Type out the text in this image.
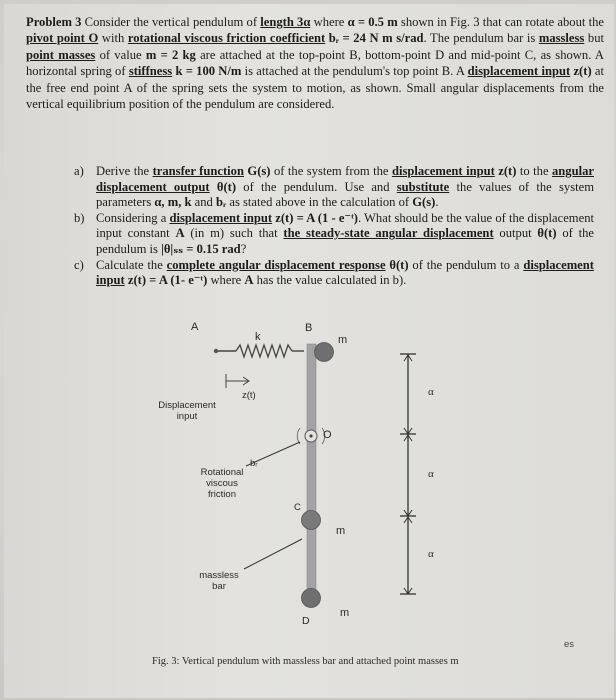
Problem 3 Consider the vertical pendulum of length 3α where α = 0.5 m shown in Fig. 3 that can rotate about the pivot point O with rotational viscous friction coefficient bᵣ = 24 N m s/rad. The pendulum bar is massless but point masses of value m = 2 kg are attached at the top-point B, bottom-point D and mid-point C, as shown. A horizontal spring of stiffness k = 100 N/m is attached at the pendulum's top point B. A displacement input z(t) at the free end point A of the spring sets the system to motion, as shown. Small angular displacements from the vertical equilibrium position of the pendulum are considered.
a) Derive the transfer function G(s) of the system from the displacement input z(t) to the angular displacement output θ(t) of the pendulum. Use and substitute the values of the system parameters α, m, k and bᵣ as stated above in the calculation of G(s).
b) Considering a displacement input z(t) = A (1 - e⁻ᵗ). What should be the value of the displacement input constant A (in m) such that the steady-state angular displacement output θ(t) of the pendulum is |θ|ₛₛ = 0.15 rad?
c) Calculate the complete angular displacement response θ(t) of the pendulum to a displacement input z(t) = A (1- e⁻ᵗ) where A has the value calculated in b).
A
k
B
m
z(t)
Displacement
input
O
bᵣ
Rotational
viscous
friction
C
m
massless
bar
D
m
α
α
α
es
Fig. 3: Vertical pendulum with massless bar and attached point masses m
